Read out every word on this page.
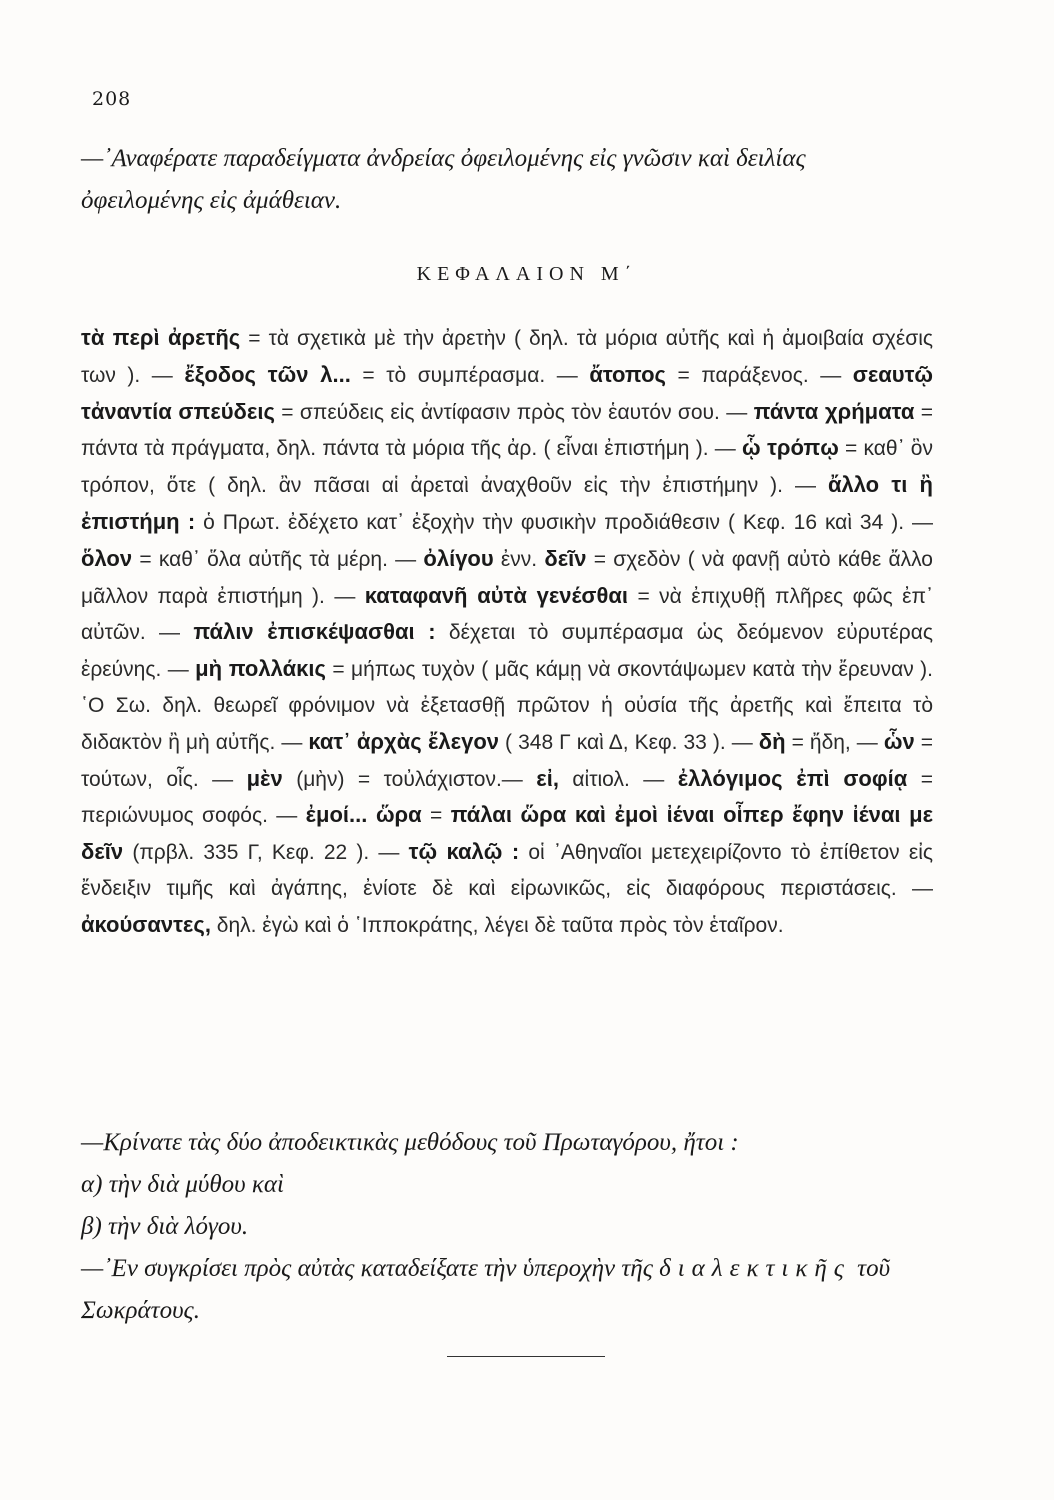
208

—᾿Αναφέρατε παραδείγματα ἀνδρείας ὀφειλομένης εἰς γνῶσιν καὶ δειλίας ὀφειλομένης εἰς ἀμάθειαν.

ΚΕΦΑΛΑΙΟΝ Μ΄

τὰ περὶ ἀρετῆς = τὰ σχετικὰ μὲ τὴν ἀρετὴν ( δηλ. τὰ μόρια αὐτῆς καὶ ἡ ἀμοιβαία σχέσις των ). — ἔξοδος τῶν λ... = τὸ συμπέρασμα. — ἄτοπος = παράξενος. — σεαυτῷ τἀναντία σπεύδεις = σπεύδεις εἰς ἀντίφασιν πρὸς τὸν ἑαυτόν σου. — πάντα χρήματα = πάντα τὰ πράγματα, δηλ. πάντα τὰ μόρια τῆς ἀρ. ( εἶναι ἐπιστήμη ). — ᾧ τρόπῳ = καθ᾿ ὃν τρόπον, ὅτε ( δηλ. ἂν πᾶσαι αἱ ἀρεταὶ ἀναχθοῦν εἰς τὴν ἐπιστήμην ). — ἄλλο τι ἢ ἐπιστήμη : ὁ Πρωτ. ἐδέχετο κατ᾿ ἐξοχὴν τὴν φυσικὴν προδιάθεσιν ( Κεφ. 16 καὶ 34 ). — ὅλον = καθ᾿ ὅλα αὐτῆς τὰ μέρη. — ὀλίγου ἐνν. δεῖν = σχεδὸν ( νὰ φανῇ αὐτὸ κάθε ἄλλο μᾶλλον παρὰ ἐπιστήμη ). — καταφανῆ αὐτὰ γενέσθαι = νὰ ἐπιχυθῇ πλῆρες φῶς ἐπ᾿ αὐτῶν. — πάλιν ἐπισκέψασθαι : δέχεται τὸ συμπέρασμα ὡς δεόμενον εὐρυτέρας ἐρεύνης. — μὴ πολλάκις = μήπως τυχὸν ( μᾶς κάμῃ νὰ σκοντάψωμεν κατὰ τὴν ἔρευναν ). ῾Ο Σω. δηλ. θεωρεῖ φρόνιμον νὰ ἐξετασθῇ πρῶτον ἡ οὐσία τῆς ἀρετῆς καὶ ἔπειτα τὸ διδακτὸν ἢ μὴ αὐτῆς. — κατ᾿ ἀρχὰς ἔλεγον ( 348 Γ καὶ Δ, Κεφ. 33 ). — δὴ = ἤδη, — ὧν = τούτων, οἷς. — μὲν (μὴν) = τοὐλάχιστον.— εἰ, αἰτιολ. — ἐλλόγιμος ἐπὶ σοφίᾳ = περιώνυμος σοφός. — ἐμοί... ὥρα = πάλαι ὥρα καὶ ἐμοὶ ἰέναι οἷπερ ἔφην ἰέναι με δεῖν (πρβλ. 335 Γ, Κεφ. 22 ). — τῷ καλῷ : οἱ ᾿Αθηναῖοι μετεχειρίζοντο τὸ ἐπίθετον εἰς ἔνδειξιν τιμῆς καὶ ἀγάπης, ἐνίοτε δὲ καὶ εἰρωνικῶς, εἰς διαφόρους περιστάσεις. — ἀκούσαντες, δηλ. ἐγὼ καὶ ὁ ῾Ιπποκράτης, λέγει δὲ ταῦτα πρὸς τὸν ἑταῖρον.

—Κρίνατε τὰς δύο ἀποδεικτικὰς μεθόδους τοῦ Πρωταγόρου, ἤτοι :
α) τὴν διὰ μύθου καὶ
β) τὴν διὰ λόγου.
—᾿Εν συγκρίσει πρὸς αὐτὰς καταδείξατε τὴν ὑπεροχὴν τῆς διαλεκτικῆς τοῦ Σωκράτους.
